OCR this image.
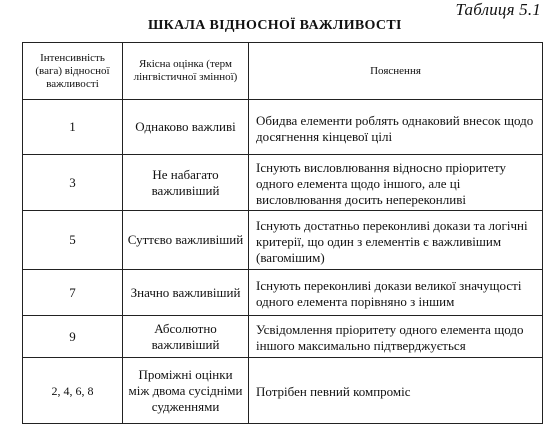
Таблиця 5.1
ШКАЛА ВІДНОСНОЇ ВАЖЛИВОСТІ
Інтенсивність (вага) відносної важливості	Якісна оцінка (терм лінгвістичної змінної)	Пояснення
1	Однаково важливі	Обидва елементи роблять однаковий внесок щодо досягнення кінцевої цілі
3	Не набагато важливіший	Існують висловлювання відносно пріоритету одного елемента щодо іншого, але ці висловлювання досить непереконливі
5	Суттєво важливіший	Існують достатньо переконливі докази та логічні критерії, що один з елементів є важливішим (вагомішим)
7	Значно важливіший	Існують переконливі докази великої значущості одного елемента порівняно з іншим
9	Абсолютно важливіший	Усвідомлення пріоритету одного елемента щодо іншого максимально підтверджується
2, 4, 6, 8	Проміжні оцінки між двома сусідніми судженнями	Потрібен певний компроміс
